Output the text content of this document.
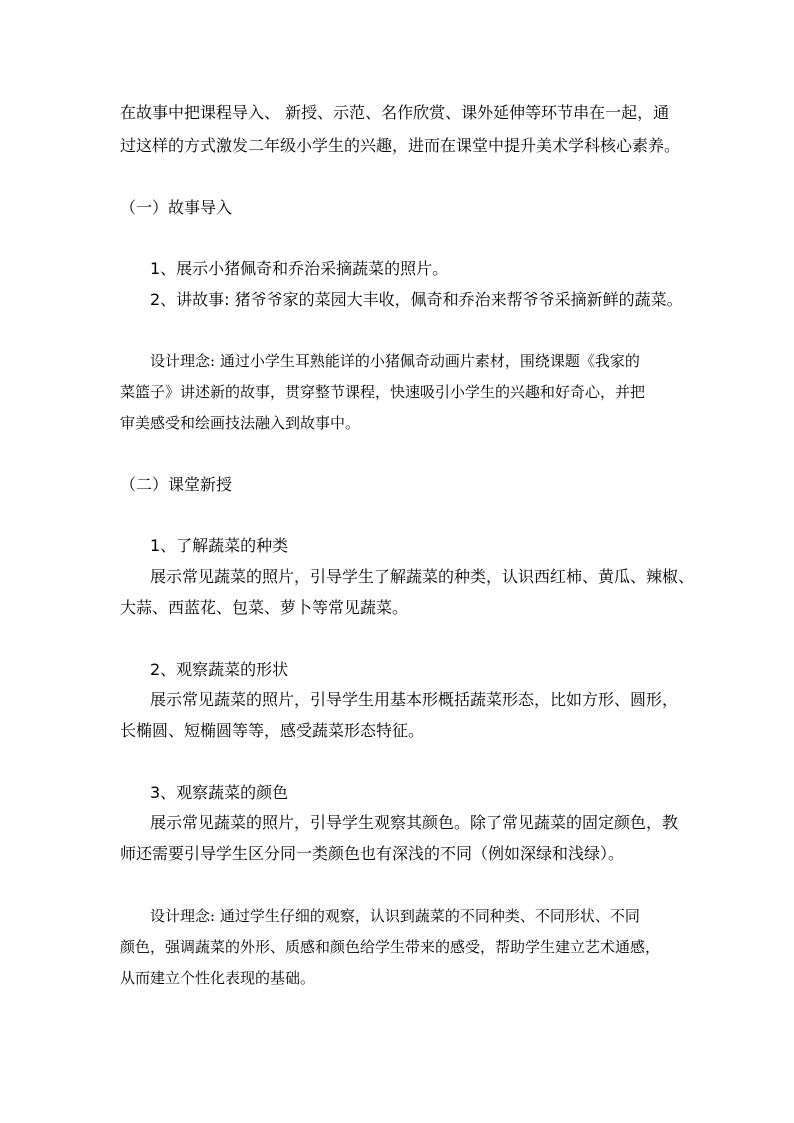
在故事中把课程导入、 新授、示范、名作欣赏、课外延伸等环节串在一起，通
过这样的方式激发二年级小学生的兴趣，进而在课堂中提升美术学科核心素养。
（一）故事导入
1、展示小猪佩奇和乔治采摘蔬菜的照片。
2、讲故事: 猪爷爷家的菜园大丰收，佩奇和乔治来帮爷爷采摘新鲜的蔬菜。
设计理念: 通过小学生耳熟能详的小猪佩奇动画片素材，围绕课题《我家的
菜篮子》讲述新的故事，贯穿整节课程，快速吸引小学生的兴趣和好奇心，并把
审美感受和绘画技法融入到故事中。
（二）课堂新授
1、了解蔬菜的种类
展示常见蔬菜的照片，引导学生了解蔬菜的种类，认识西红柿、黄瓜、辣椒、
大蒜、西蓝花、包菜、萝卜等常见蔬菜。
2、观察蔬菜的形状
展示常见蔬菜的照片，引导学生用基本形概括蔬菜形态，比如方形、圆形，
长椭圆、短椭圆等等，感受蔬菜形态特征。
3、观察蔬菜的颜色
展示常见蔬菜的照片，引导学生观察其颜色。除了常见蔬菜的固定颜色，教
师还需要引导学生区分同一类颜色也有深浅的不同（例如深绿和浅绿）。
设计理念: 通过学生仔细的观察，认识到蔬菜的不同种类、不同形状、不同
颜色，强调蔬菜的外形、质感和颜色给学生带来的感受，帮助学生建立艺术通感，
从而建立个性化表现的基础。
